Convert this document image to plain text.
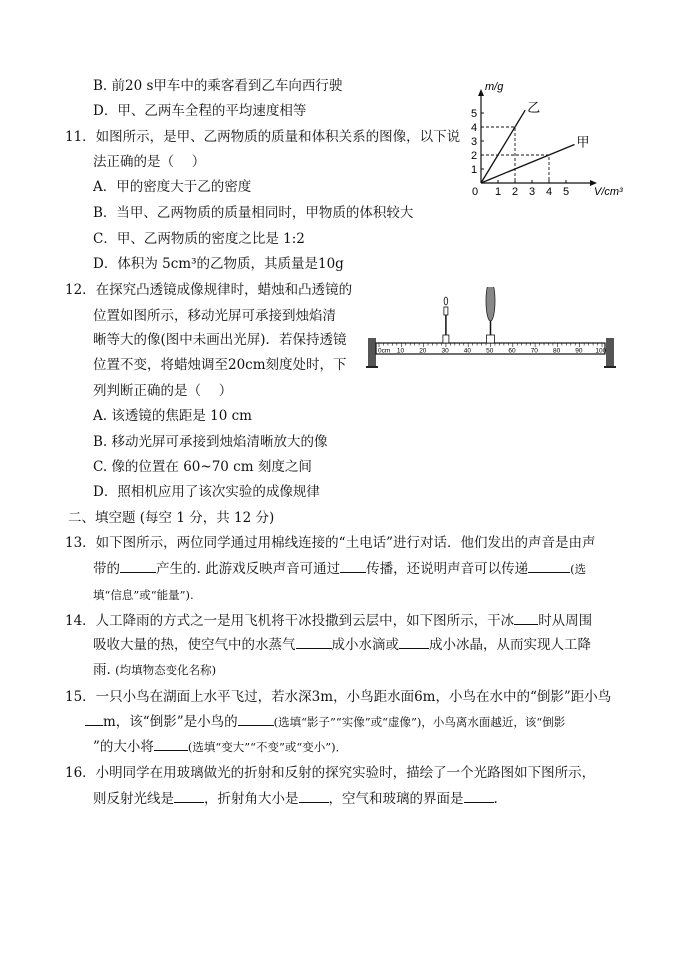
B. 前20 s甲车中的乘客看到乙车向西行驶
D．甲、乙两车全程的平均速度相等
11．如图所示，是甲、乙两物质的质量和体积关系的图像，以下说
法正确的是（　 ）
A．甲的密度大于乙的密度
B．当甲、乙两物质的质量相同时，甲物质的体积较大
C．甲、乙两物质的密度之比是 1:2
D．体积为 5cm³的乙物质，其质量是10g
0 1 2 3 4 5
1
2
3
4
5
m/g
V/cm³
乙
甲
12．在探究凸透镜成像规律时，蜡烛和凸透镜的
位置如图所示，移动光屏可承接到烛焰清
晰等大的像(图中未画出光屏)．若保持透镜
位置不变，将蜡烛调至20cm刻度处时，下
列判断正确的是（　 ）
A. 该透镜的焦距是 10 cm
B. 移动光屏可承接到烛焰清晰放大的像
C. 像的位置在 60~70 cm 刻度之间
D．照相机应用了该次实验的成像规律
0cm 10 20 30 40 50 60 70 80 90 100
二、填空题 (每空 1 分，共 12 分)
13．如下图所示，两位同学通过用棉线连接的“土电话”进行对话．他们发出的声音是由声
带的	产生的. 此游戏反映声音可通过 传播，还说明声音可以传递	(选
填“信息”或“能量”).
14．人工降雨的方式之一是用飞机将干冰投撒到云层中，如下图所示，干冰 时从周围
吸收大量的热，使空气中的水蒸气	成小水滴或 成小冰晶，从而实现人工降
雨. (均填物态变化名称)
15．一只小鸟在湖面上水平飞过，若水深3m，小鸟距水面6m，小鸟在水中的“倒影”距小鸟
m，该“倒影”是小鸟的	(选填“影子”“实像”或“虚像”)，小鸟离水面越近，该“倒影
”的大小将	(选填“变大”“不变”或“变小”)．
16．小明同学在用玻璃做光的折射和反射的探究实验时，描绘了一个光路图如下图所示，
则反射光线是 ，折射角大小是 ，空气和玻璃的界面是 .
